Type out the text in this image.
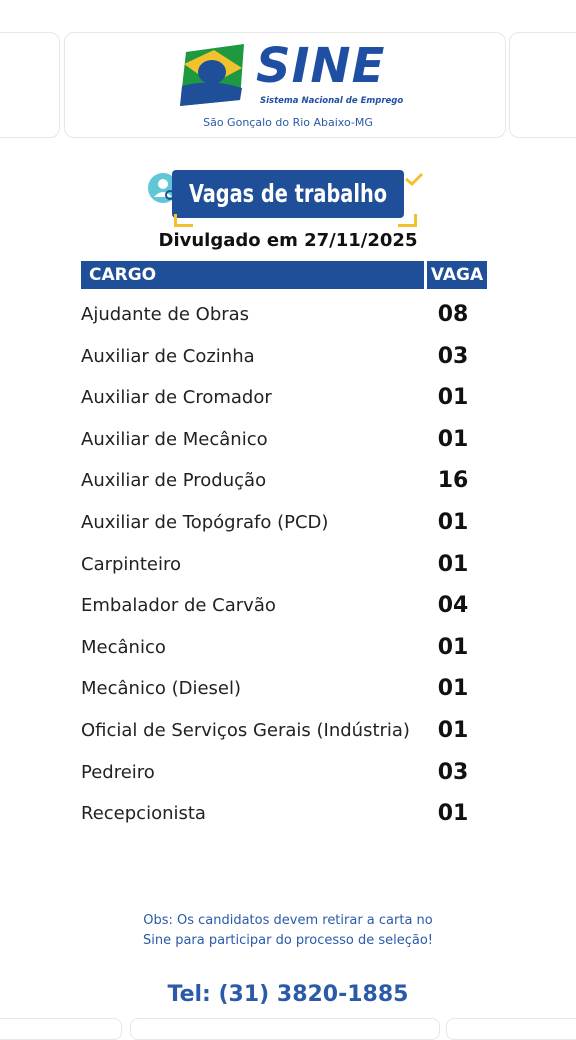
SINE
Sistema Nacional de Emprego
São Gonçalo do Rio Abaixo-MG
Vagas de trabalho
Divulgado em 27/11/2025
CARGO	VAGA
Ajudante de Obras	08
Auxiliar de Cozinha	03
Auxiliar de Cromador	01
Auxiliar de Mecânico	01
Auxiliar de Produção	16
Auxiliar de Topógrafo (PCD)	01
Carpinteiro	01
Embalador de Carvão	04
Mecânico	01
Mecânico (Diesel)	01
Oficial de Serviços Gerais (Indústria)	01
Pedreiro	03
Recepcionista	01
Obs: Os candidatos devem retirar a carta no
Sine para participar do processo de seleção!
Tel: (31) 3820-1885
